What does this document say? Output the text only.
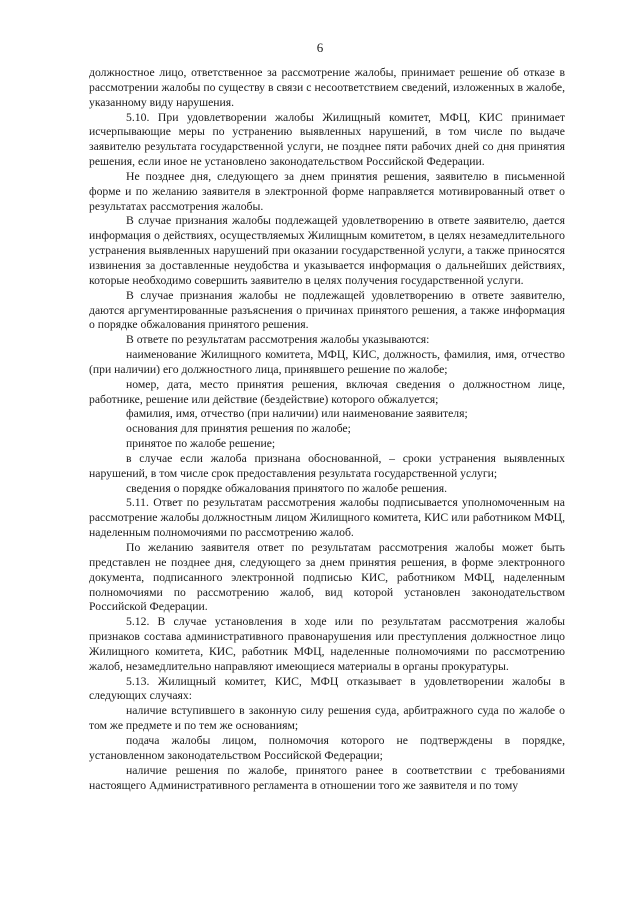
6

должностное лицо, ответственное за рассмотрение жалобы, принимает решение об отказе в рассмотрении жалобы по существу в связи с несоответствием сведений, изложенных в жалобе, указанному виду нарушения.

5.10. При удовлетворении жалобы Жилищный комитет, МФЦ, КИС принимает исчерпывающие меры по устранению выявленных нарушений, в том числе по выдаче заявителю результата государственной услуги, не позднее пяти рабочих дней со дня принятия решения, если иное не установлено законодательством Российской Федерации.

Не позднее дня, следующего за днем принятия решения, заявителю в письменной форме и по желанию заявителя в электронной форме направляется мотивированный ответ о результатах рассмотрения жалобы.

В случае признания жалобы подлежащей удовлетворению в ответе заявителю, дается информация о действиях, осуществляемых Жилищным комитетом, в целях незамедлительного устранения выявленных нарушений при оказании государственной услуги, а также приносятся извинения за доставленные неудобства и указывается информация о дальнейших действиях, которые необходимо совершить заявителю в целях получения государственной услуги.

В случае признания жалобы не подлежащей удовлетворению в ответе заявителю, даются аргументированные разъяснения о причинах принятого решения, а также информация о порядке обжалования принятого решения.

В ответе по результатам рассмотрения жалобы указываются:

наименование Жилищного комитета, МФЦ, КИС, должность, фамилия, имя, отчество (при наличии) его должностного лица, принявшего решение по жалобе;

номер, дата, место принятия решения, включая сведения о должностном лице, работнике, решение или действие (бездействие) которого обжалуется;

фамилия, имя, отчество (при наличии) или наименование заявителя;

основания для принятия решения по жалобе;

принятое по жалобе решение;

в случае если жалоба признана обоснованной, – сроки устранения выявленных нарушений, в том числе срок предоставления результата государственной услуги;

сведения о порядке обжалования принятого по жалобе решения.

5.11. Ответ по результатам рассмотрения жалобы подписывается уполномоченным на рассмотрение жалобы должностным лицом Жилищного комитета, КИС или работником МФЦ, наделенным полномочиями по рассмотрению жалоб.

По желанию заявителя ответ по результатам рассмотрения жалобы может быть представлен не позднее дня, следующего за днем принятия решения, в форме электронного документа, подписанного электронной подписью КИС, работником МФЦ, наделенным полномочиями по рассмотрению жалоб, вид которой установлен законодательством Российской Федерации.

5.12. В случае установления в ходе или по результатам рассмотрения жалобы признаков состава административного правонарушения или преступления должностное лицо Жилищного комитета, КИС, работник МФЦ, наделенные полномочиями по рассмотрению жалоб, незамедлительно направляют имеющиеся материалы в органы прокуратуры.

5.13. Жилищный комитет, КИС, МФЦ отказывает в удовлетворении жалобы в следующих случаях:

наличие вступившего в законную силу решения суда, арбитражного суда по жалобе о том же предмете и по тем же основаниям;

подача жалобы лицом, полномочия которого не подтверждены в порядке, установленном законодательством Российской Федерации;

наличие решения по жалобе, принятого ранее в соответствии с требованиями настоящего Административного регламента в отношении того же заявителя и по тому
